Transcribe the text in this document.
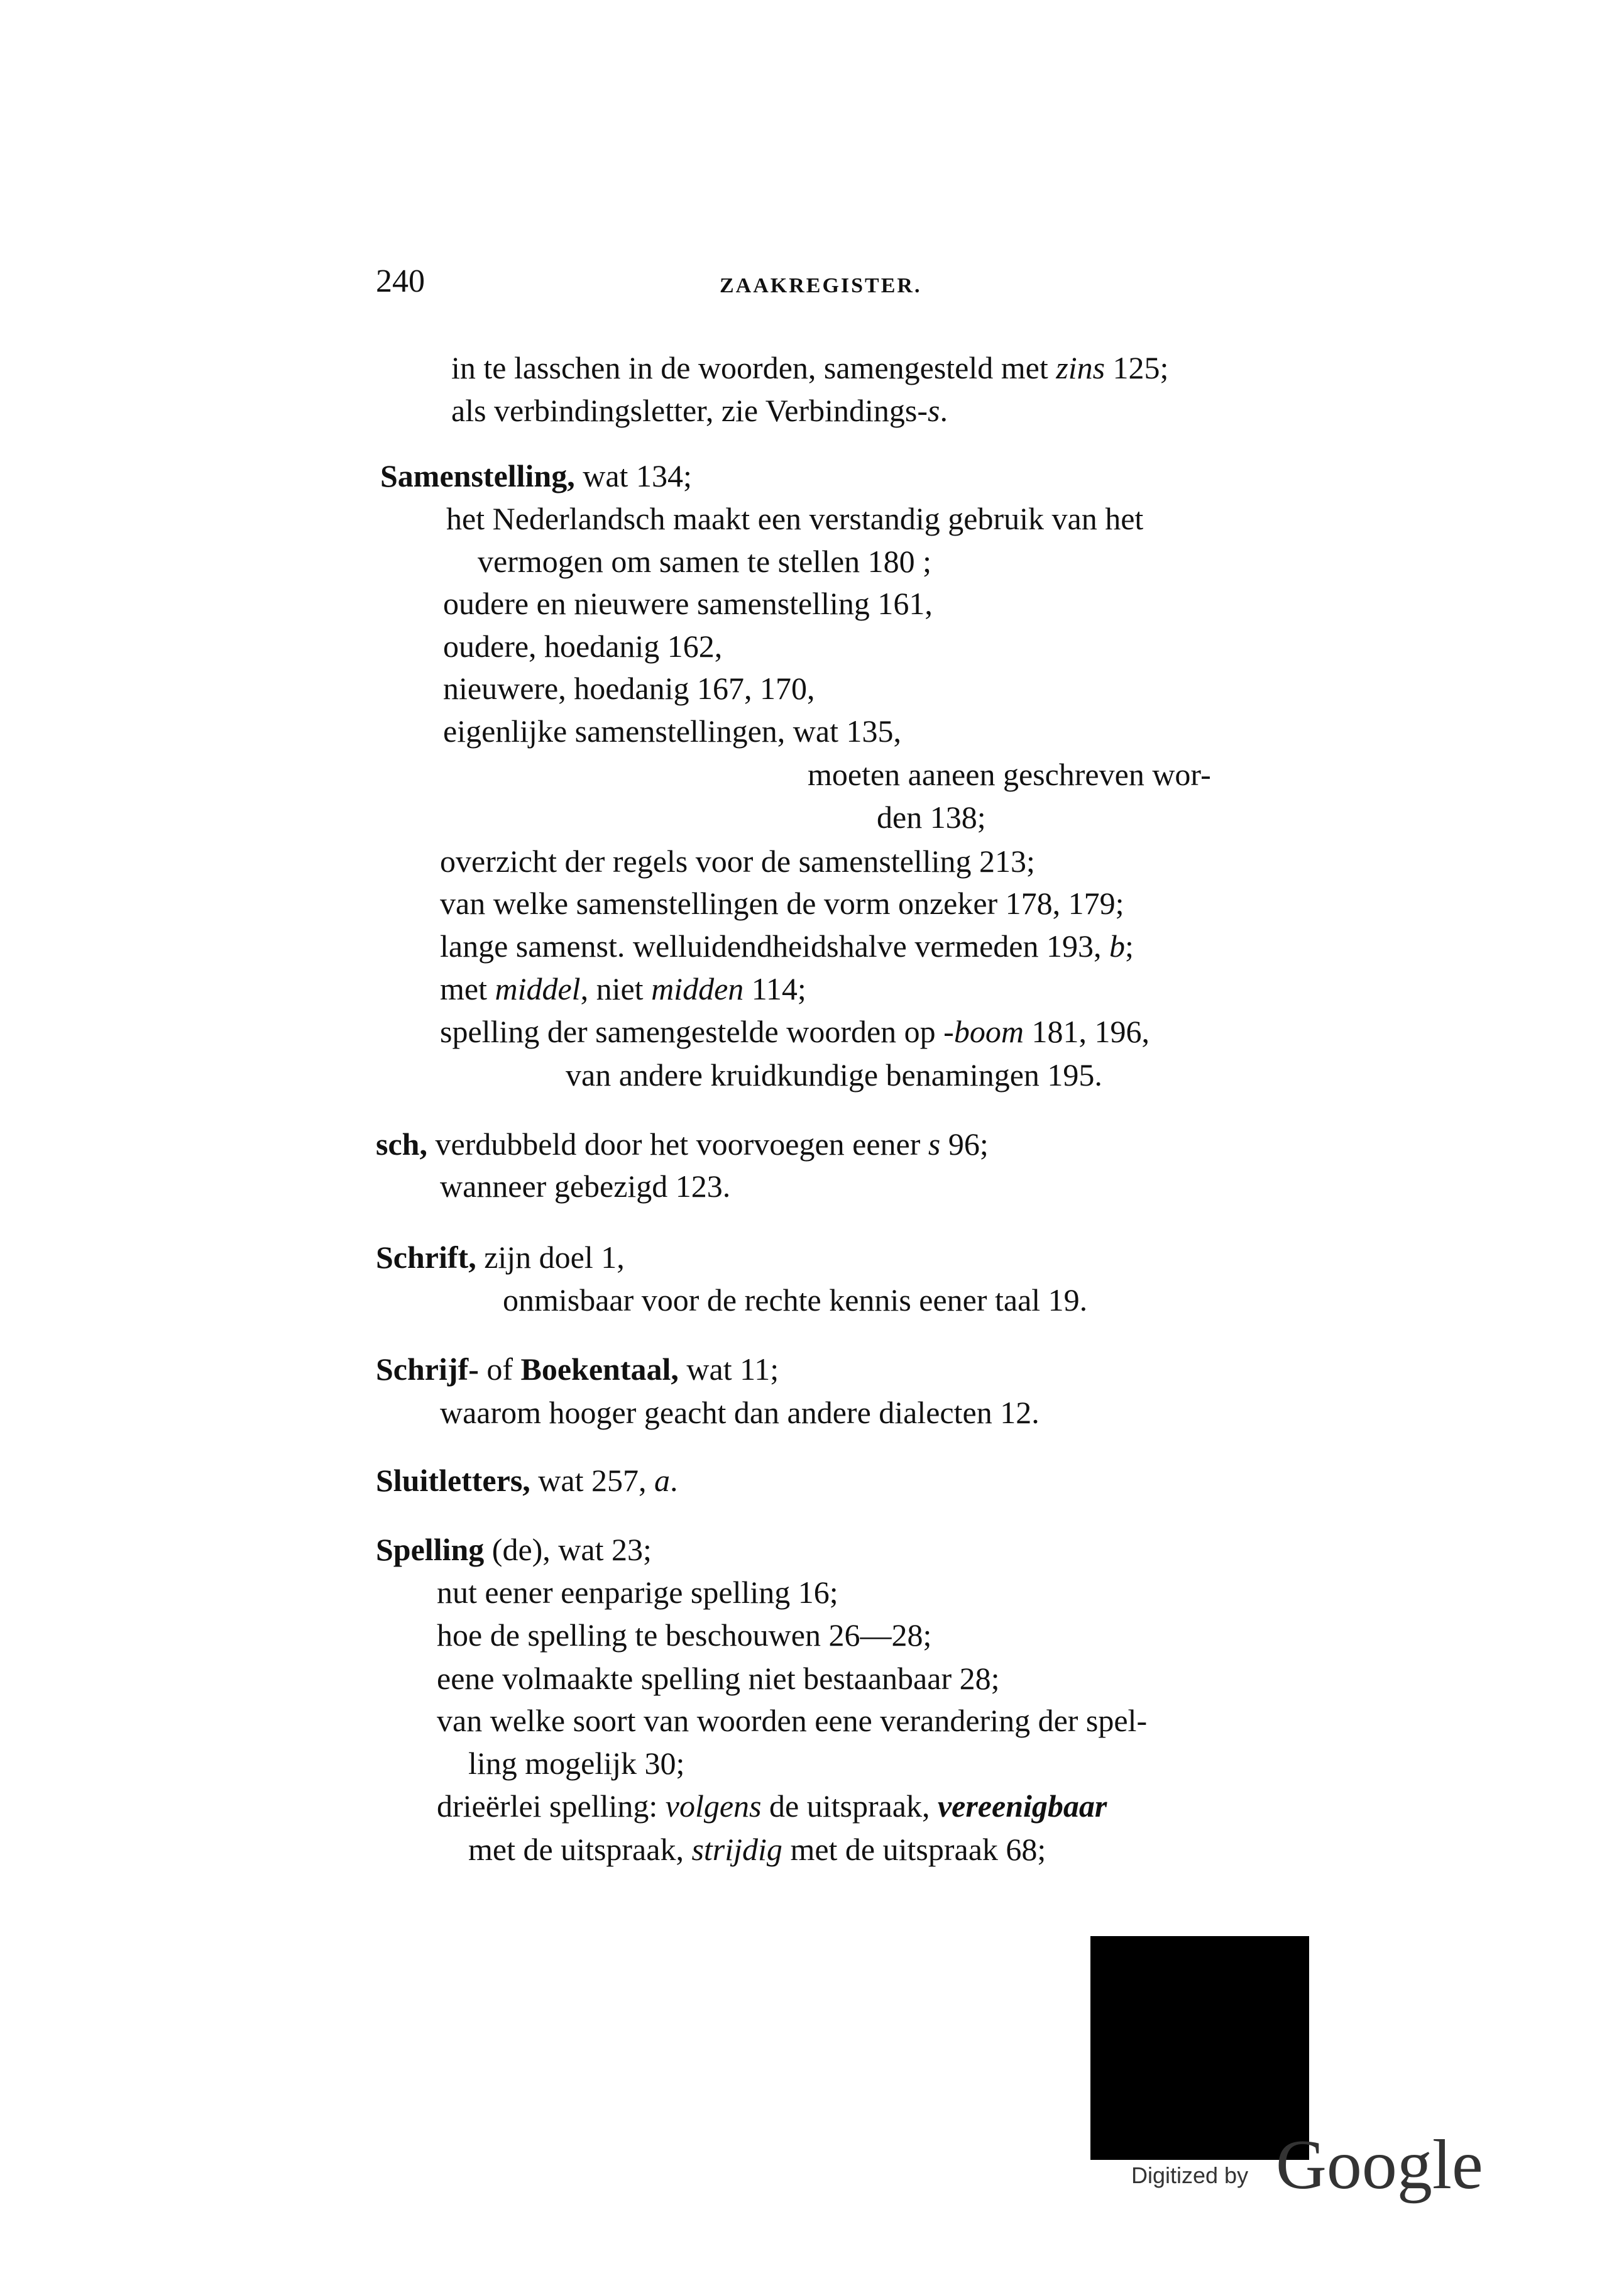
240	ZAAKREGISTER.
in te lasschen in de woorden, samengesteld met zins 125;
als verbindingsletter, zie Verbindings-s.
Samenstelling, wat 134;
het Nederlandsch maakt een verstandig gebruik van het
vermogen om samen te stellen 180 ;
oudere en nieuwere samenstelling 161,
oudere, hoedanig 162,
nieuwere, hoedanig 167, 170,
eigenlijke samenstellingen, wat 135,
moeten aaneen geschreven wor-
den 138;
overzicht der regels voor de samenstelling 213;
van welke samenstellingen de vorm onzeker 178, 179;
lange samenst. welluidendheidshalve vermeden 193, b;
met middel, niet midden 114;
spelling der samengestelde woorden op -boom 181, 196,
van andere kruidkundige benamingen 195.
sch, verdubbeld door het voorvoegen eener s 96;
wanneer gebezigd 123.
Schrift, zijn doel 1,
onmisbaar voor de rechte kennis eener taal 19.
Schrijf- of Boekentaal, wat 11;
waarom hooger geacht dan andere dialecten 12.
Sluitletters, wat 257, a.
Spelling (de), wat 23;
nut eener eenparige spelling 16;
hoe de spelling te beschouwen 26—28;
eene volmaakte spelling niet bestaanbaar 28;
van welke soort van woorden eene verandering der spel-
ling mogelijk 30;
drieërlei spelling: volgens de uitspraak, vereenigbaar
met de uitspraak, strijdig met de uitspraak 68;
Digitized by Google
